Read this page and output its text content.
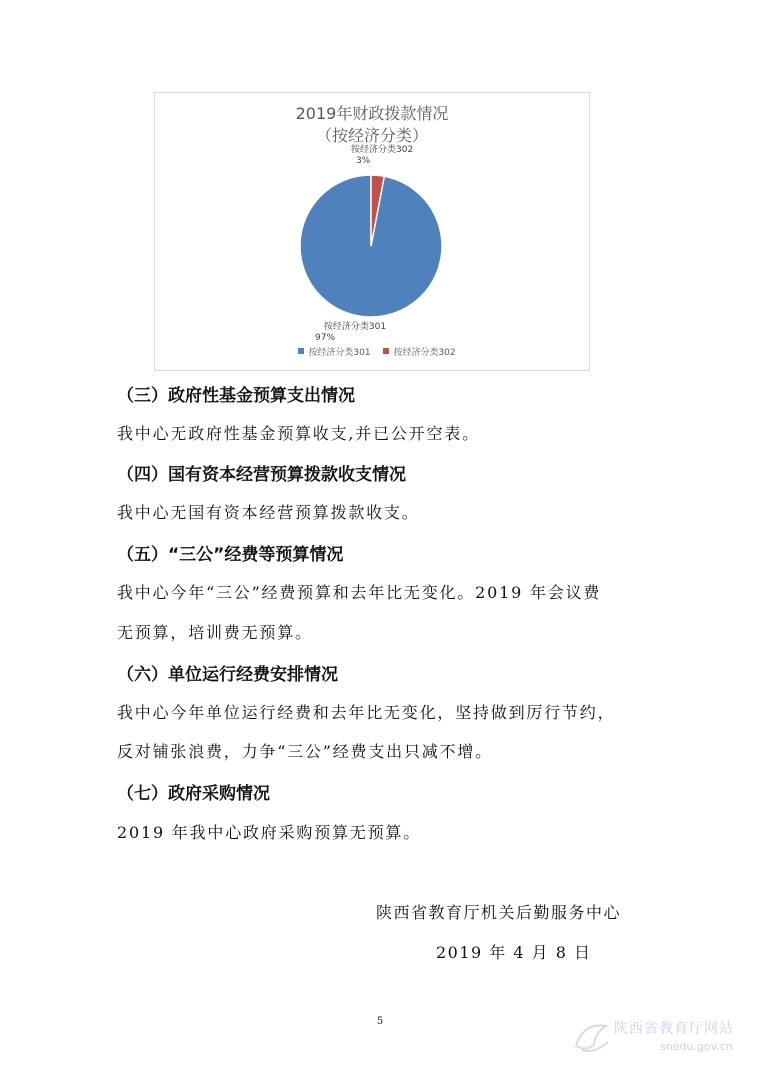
2019年财政拨款情况
（按经济分类）
按经济分类302
3%
按经济分类301
97%
按经济分类301	按经济分类302
（三）政府性基金预算支出情况
我中心无政府性基金预算收支,并已公开空表。
（四）国有资本经营预算拨款收支情况
我中心无国有资本经营预算拨款收支。
（五）“三公”经费等预算情况
我中心今年“三公”经费预算和去年比无变化。2019 年会议费
无预算，培训费无预算。
（六）单位运行经费安排情况
我中心今年单位运行经费和去年比无变化，坚持做到厉行节约，
反对铺张浪费，力争“三公”经费支出只减不增。
（七）政府采购情况
2019 年我中心政府采购预算无预算。
陕西省教育厅机关后勤服务中心
2019 年 4 月 8 日
5	陕西省教育厅网站
snedu.gov.cn
